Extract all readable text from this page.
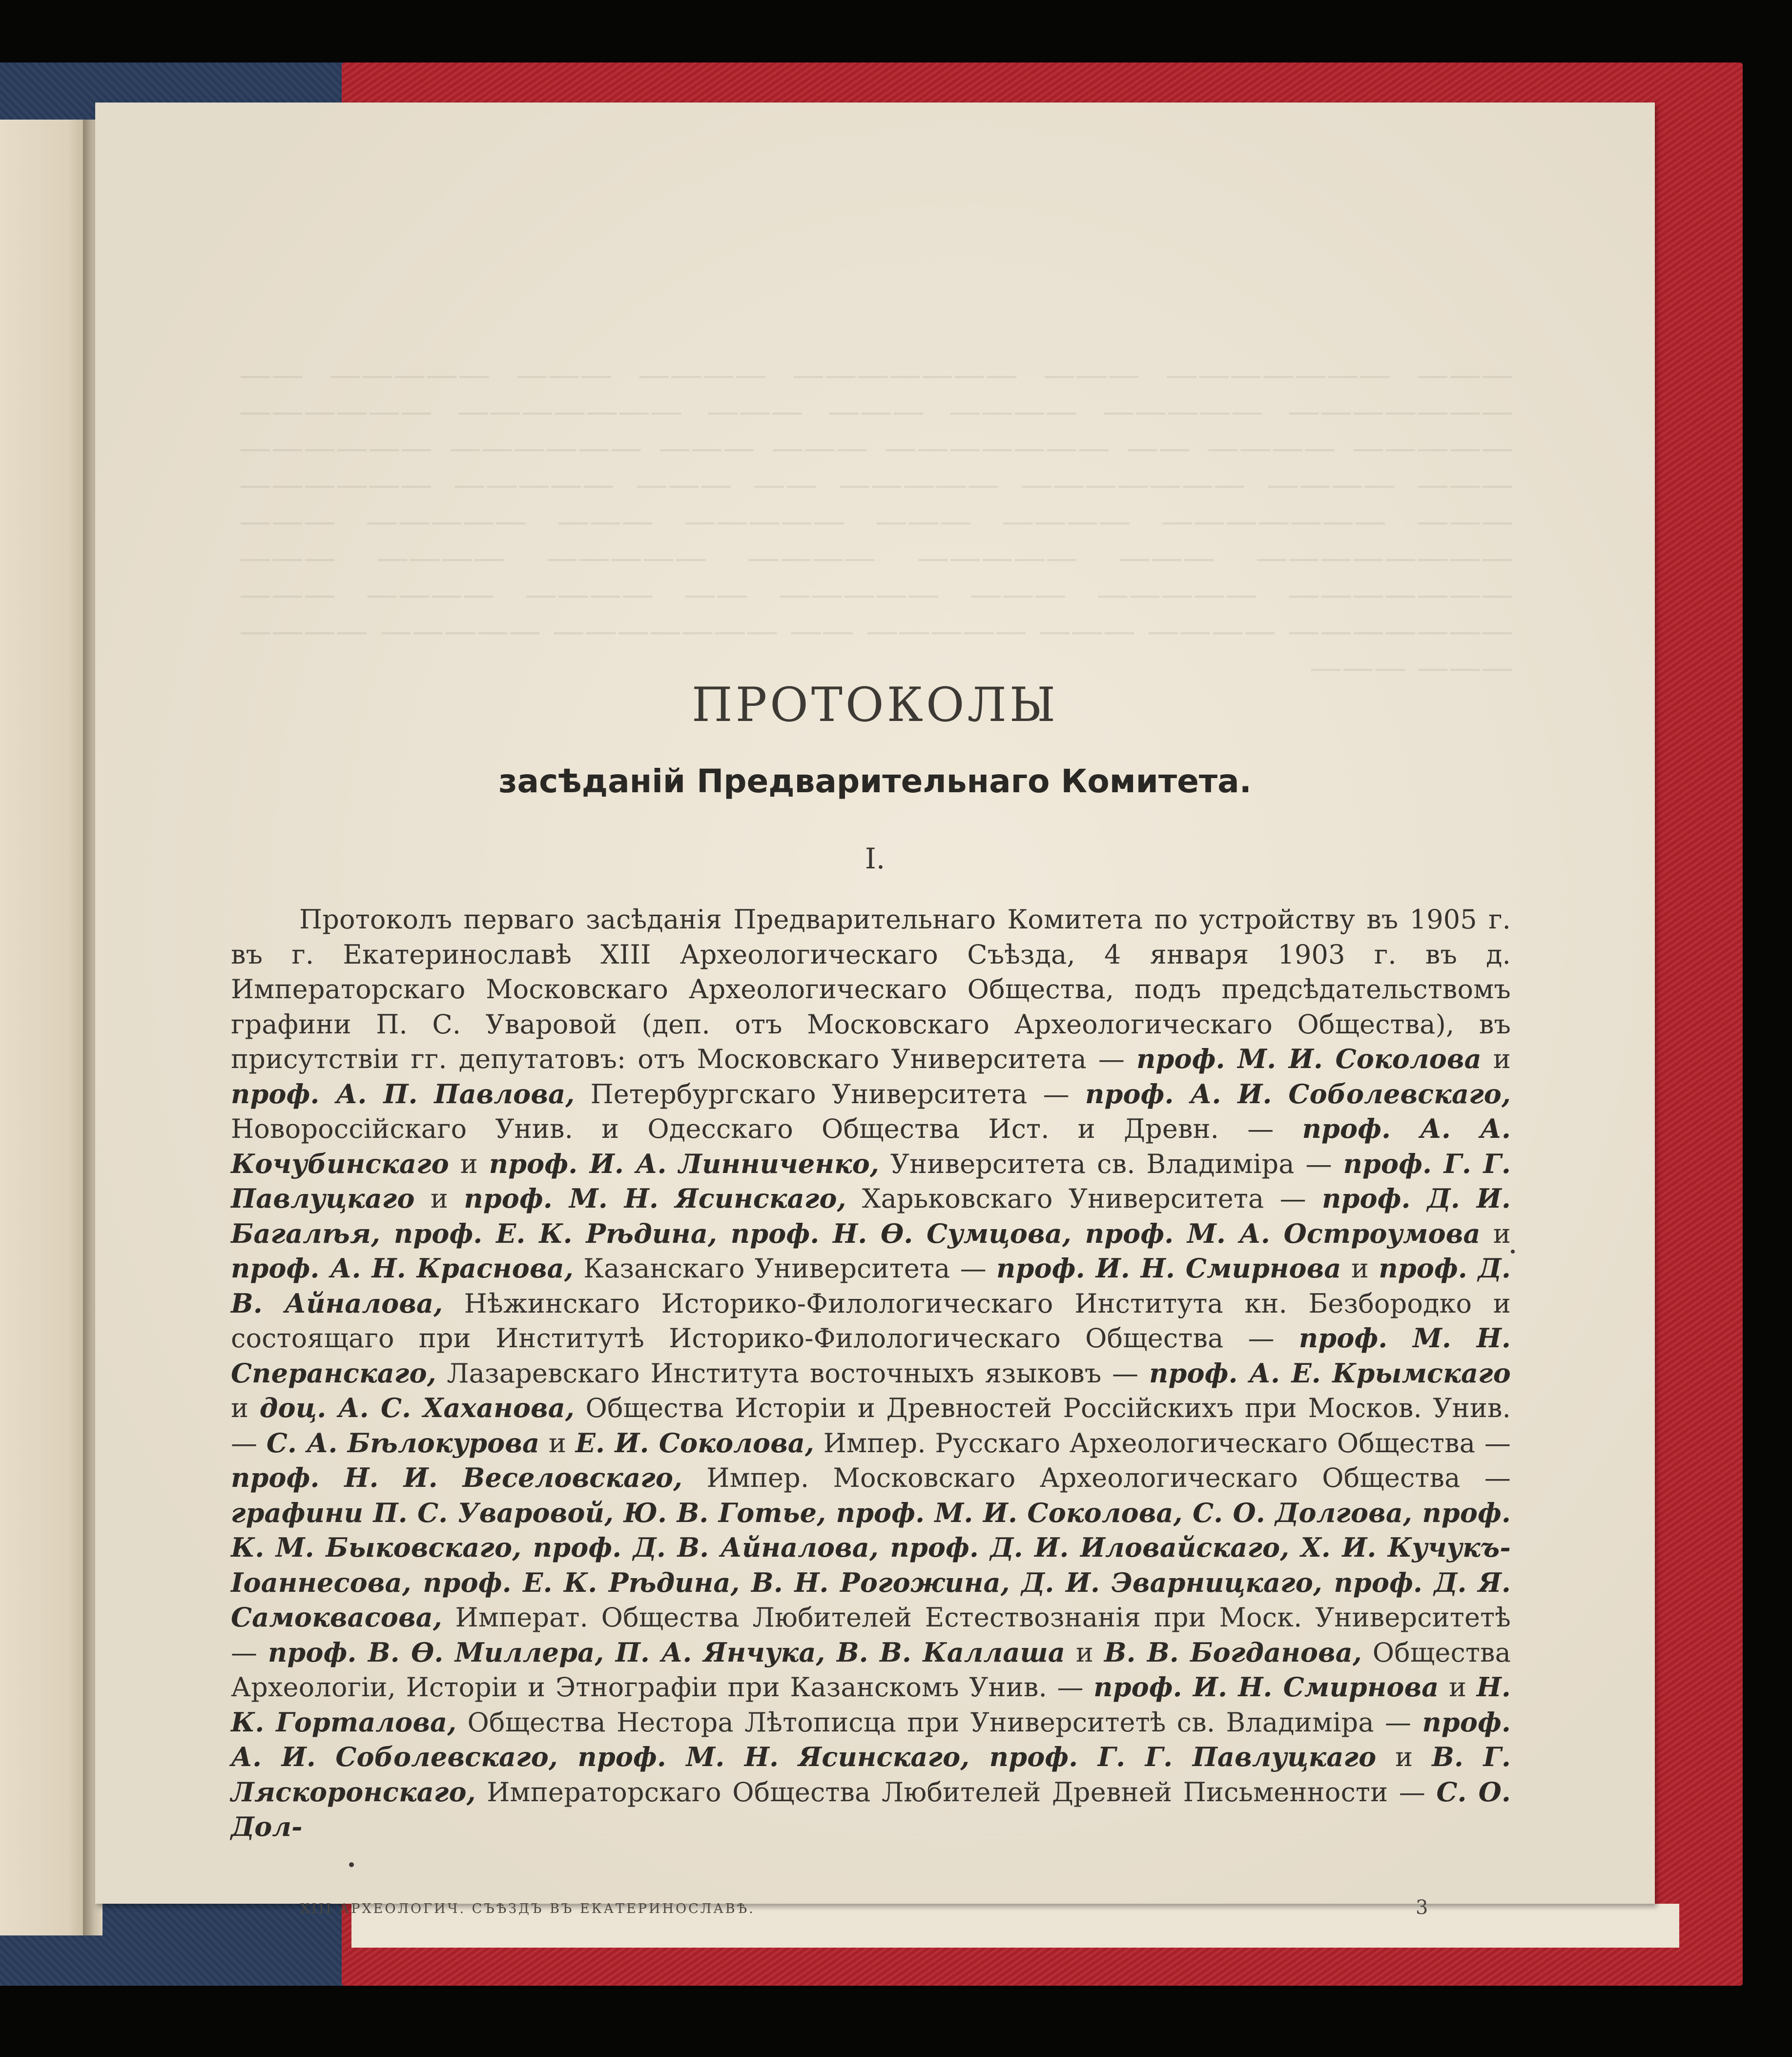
——— ——————— ——— ——————— ———— ——— ————— —— ——————— ————— ———— ——— ——— ——————— —————— ————— ———— —— ——————— ——— ——— —————— —————— ——— ———— ——————— ————— —— ——— ————— —————— ——— ——————— ———— ——— ————— ——— ————— ——— ———————— ——— ————— ———— ————— ———— ——— ——————— ————— ——— ————— —— ———— ———— ——— ——————— ———— ——— ————— —— ——————— ————— ———— ——— ———
ПРОТОКОЛЫ
засѣданій Предварительнаго Комитета.
I.

Протоколъ перваго засѣданія Предварительнаго Комитета по устройству въ 1905 г. въ г. Екатеринославѣ XIII Археологическаго Съѣзда, 4 января 1903 г. въ д. Императорскаго Московскаго Археологическаго Общества, подъ предсѣдательствомъ графини П. С. Уваровой (деп. отъ Московскаго Археологическаго Общества), въ присутствіи гг. депутатовъ: отъ Московскаго Университета — проф. М. И. Соколова и проф. А. П. Павлова, Петербургскаго Университета — проф. А. И. Соболевскаго, Новороссійскаго Унив. и Одесскаго Общества Ист. и Древн. — проф. А. А. Кочубинскаго и проф. И. А. Линниченко, Университета св. Владиміра — проф. Г. Г. Павлуцкаго и проф. М. Н. Ясинскаго, Харьковскаго Университета — проф. Д. И. Багалѣя, проф. Е. К. Рѣдина, проф. Н. Ѳ. Сумцова, проф. М. А. Остроумова и проф. А. Н. Краснова, Казанскаго Университета — проф. И. Н. Смирнова и проф. Д. В. Айналова, Нѣжинскаго Историко-Филологическаго Института кн. Безбородко и состоящаго при Институтѣ Историко-Филологическаго Общества — проф. М. Н. Сперанскаго, Лазаревскаго Института восточныхъ языковъ — проф. А. Е. Крымскаго и доц. А. С. Хаханова, Общества Исторіи и Древностей Россійскихъ при Москов. Унив. — С. А. Бѣлокурова и Е. И. Соколова, Импер. Русскаго Археологическаго Общества — проф. Н. И. Веселовскаго, Импер. Московскаго Археологическаго Общества — графини П. С. Уваровой, Ю. В. Готье, проф. М. И. Соколова, С. О. Долгова, проф. К. М. Быковскаго, проф. Д. В. Айналова, проф. Д. И. Иловайскаго, Х. И. Кучукъ-Іоаннесова, проф. Е. К. Рѣдина, В. Н. Рогожина, Д. И. Эварницкаго, проф. Д. Я. Самоквасова, Императ. Общества Любителей Естествознанія при Моск. Университетѣ — проф. В. Ѳ. Миллера, П. А. Янчука, В. В. Каллаша и В. В. Богданова, Общества Археологіи, Исторіи и Этнографіи при Казанскомъ Унив. — проф. И. Н. Смирнова и Н. К. Горталова, Общества Нестора Лѣтописца при Университетѣ св. Владиміра — проф. А. И. Соболевскаго, проф. М. Н. Ясинскаго, проф. Г. Г. Павлуцкаго и В. Г. Ляскоронскаго, Императорскаго Общества Любителей Древней Письменности — С. О. Дол-

XIII АРХЕОЛОГИЧ. СЪѢЗДЪ ВЪ ЕКАТЕРИНОСЛАВѢ.	3
